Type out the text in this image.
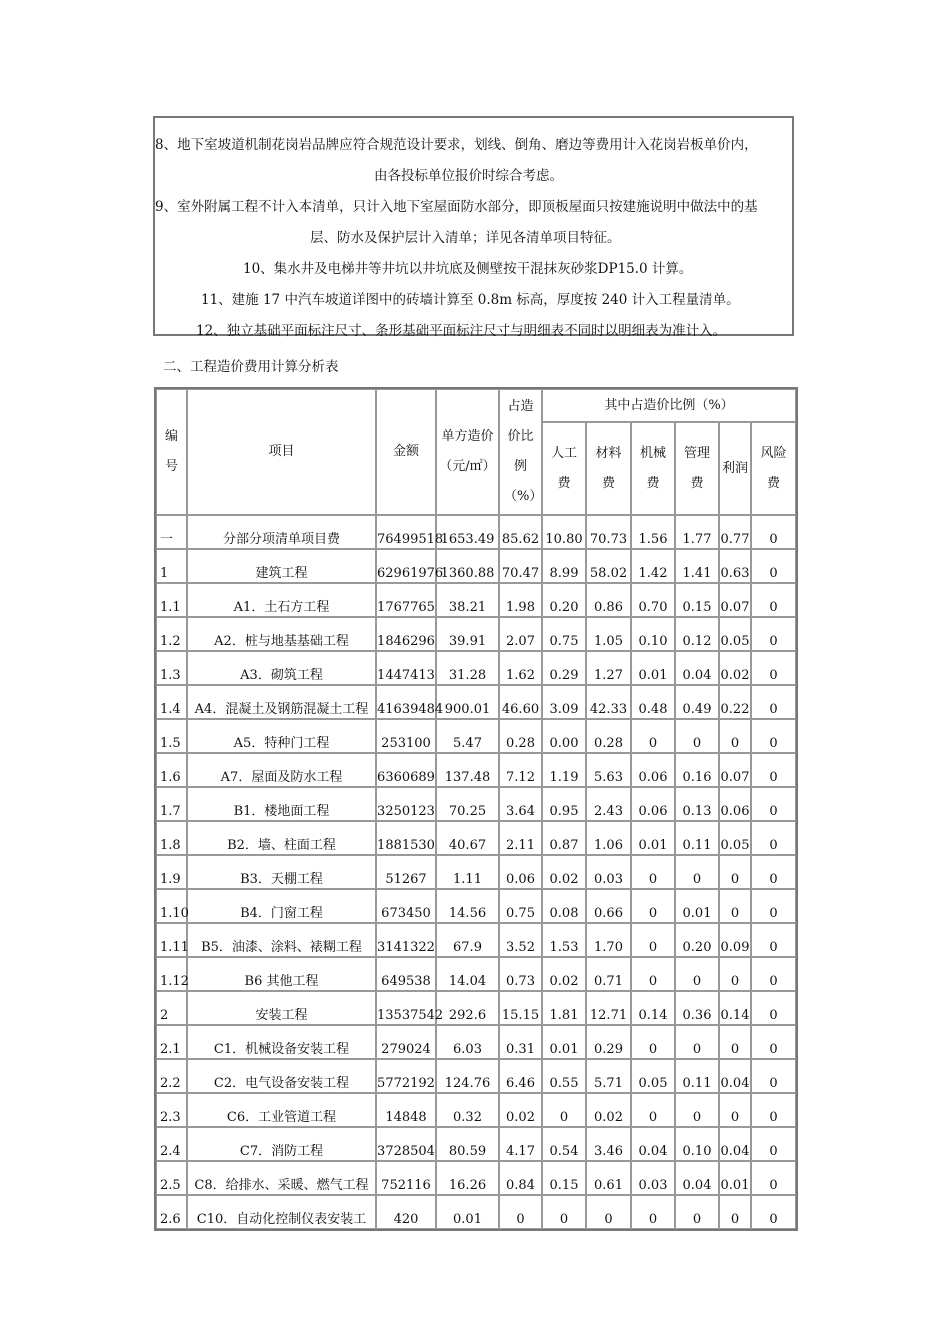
8、地下室坡道机制花岗岩品牌应符合规范设计要求，划线、倒角、磨边等费用计入花岗岩板单价内，
由各投标单位报价时综合考虑。
9、室外附属工程不计入本清单，只计入地下室屋面防水部分，即顶板屋面只按建施说明中做法中的基
层、防水及保护层计入清单；详见各清单项目特征。
10、集水井及电梯井等井坑以井坑底及侧壁按干混抹灰砂浆DP15.0 计算。
11、建施 17 中汽车坡道详图中的砖墙计算至 0.8m 标高，厚度按 240 计入工程量清单。
12、独立基础平面标注尺寸、条形基础平面标注尺寸与明细表不同时以明细表为准计入。
二、工程造价费用计算分析表
编号	项目	金额	单方造价（元/㎡）	占造价比例（%）	其中占造价比例（%）					
					人工费	材料费	机械费	管理费	利润	风险费
一	分部分项清单项目费	76499518	1653.49	85.62	10.80	70.73	1.56	1.77	0.77	0
1	建筑工程	62961976	1360.88	70.47	8.99	58.02	1.42	1.41	0.63	0
1.1	A1．土石方工程	1767765	38.21	1.98	0.20	0.86	0.70	0.15	0.07	0
1.2	A2．桩与地基基础工程	1846296	39.91	2.07	0.75	1.05	0.10	0.12	0.05	0
1.3	A3．砌筑工程	1447413	31.28	1.62	0.29	1.27	0.01	0.04	0.02	0
1.4	A4．混凝土及钢筋混凝土工程	41639484	900.01	46.60	3.09	42.33	0.48	0.49	0.22	0
1.5	A5．特种门工程	253100	5.47	0.28	0.00	0.28	0	0	0	0
1.6	A7．屋面及防水工程	6360689	137.48	7.12	1.19	5.63	0.06	0.16	0.07	0
1.7	B1．楼地面工程	3250123	70.25	3.64	0.95	2.43	0.06	0.13	0.06	0
1.8	B2．墙、柱面工程	1881530	40.67	2.11	0.87	1.06	0.01	0.11	0.05	0
1.9	B3．天棚工程	51267	1.11	0.06	0.02	0.03	0	0	0	0
1.10	B4．门窗工程	673450	14.56	0.75	0.08	0.66	0	0.01	0	0
1.11	B5．油漆、涂料、裱糊工程	3141322	67.9	3.52	1.53	1.70	0	0.20	0.09	0
1.12	B6 其他工程	649538	14.04	0.73	0.02	0.71	0	0	0	0
2	安装工程	13537542	292.6	15.15	1.81	12.71	0.14	0.36	0.14	0
2.1	C1．机械设备安装工程	279024	6.03	0.31	0.01	0.29	0	0	0	0
2.2	C2．电气设备安装工程	5772192	124.76	6.46	0.55	5.71	0.05	0.11	0.04	0
2.3	C6．工业管道工程	14848	0.32	0.02	0	0.02	0	0	0	0
2.4	C7．消防工程	3728504	80.59	4.17	0.54	3.46	0.04	0.10	0.04	0
2.5	C8．给排水、采暖、燃气工程	752116	16.26	0.84	0.15	0.61	0.03	0.04	0.01	0
2.6	C10．自动化控制仪表安装工	420	0.01	0	0	0	0	0	0	0
